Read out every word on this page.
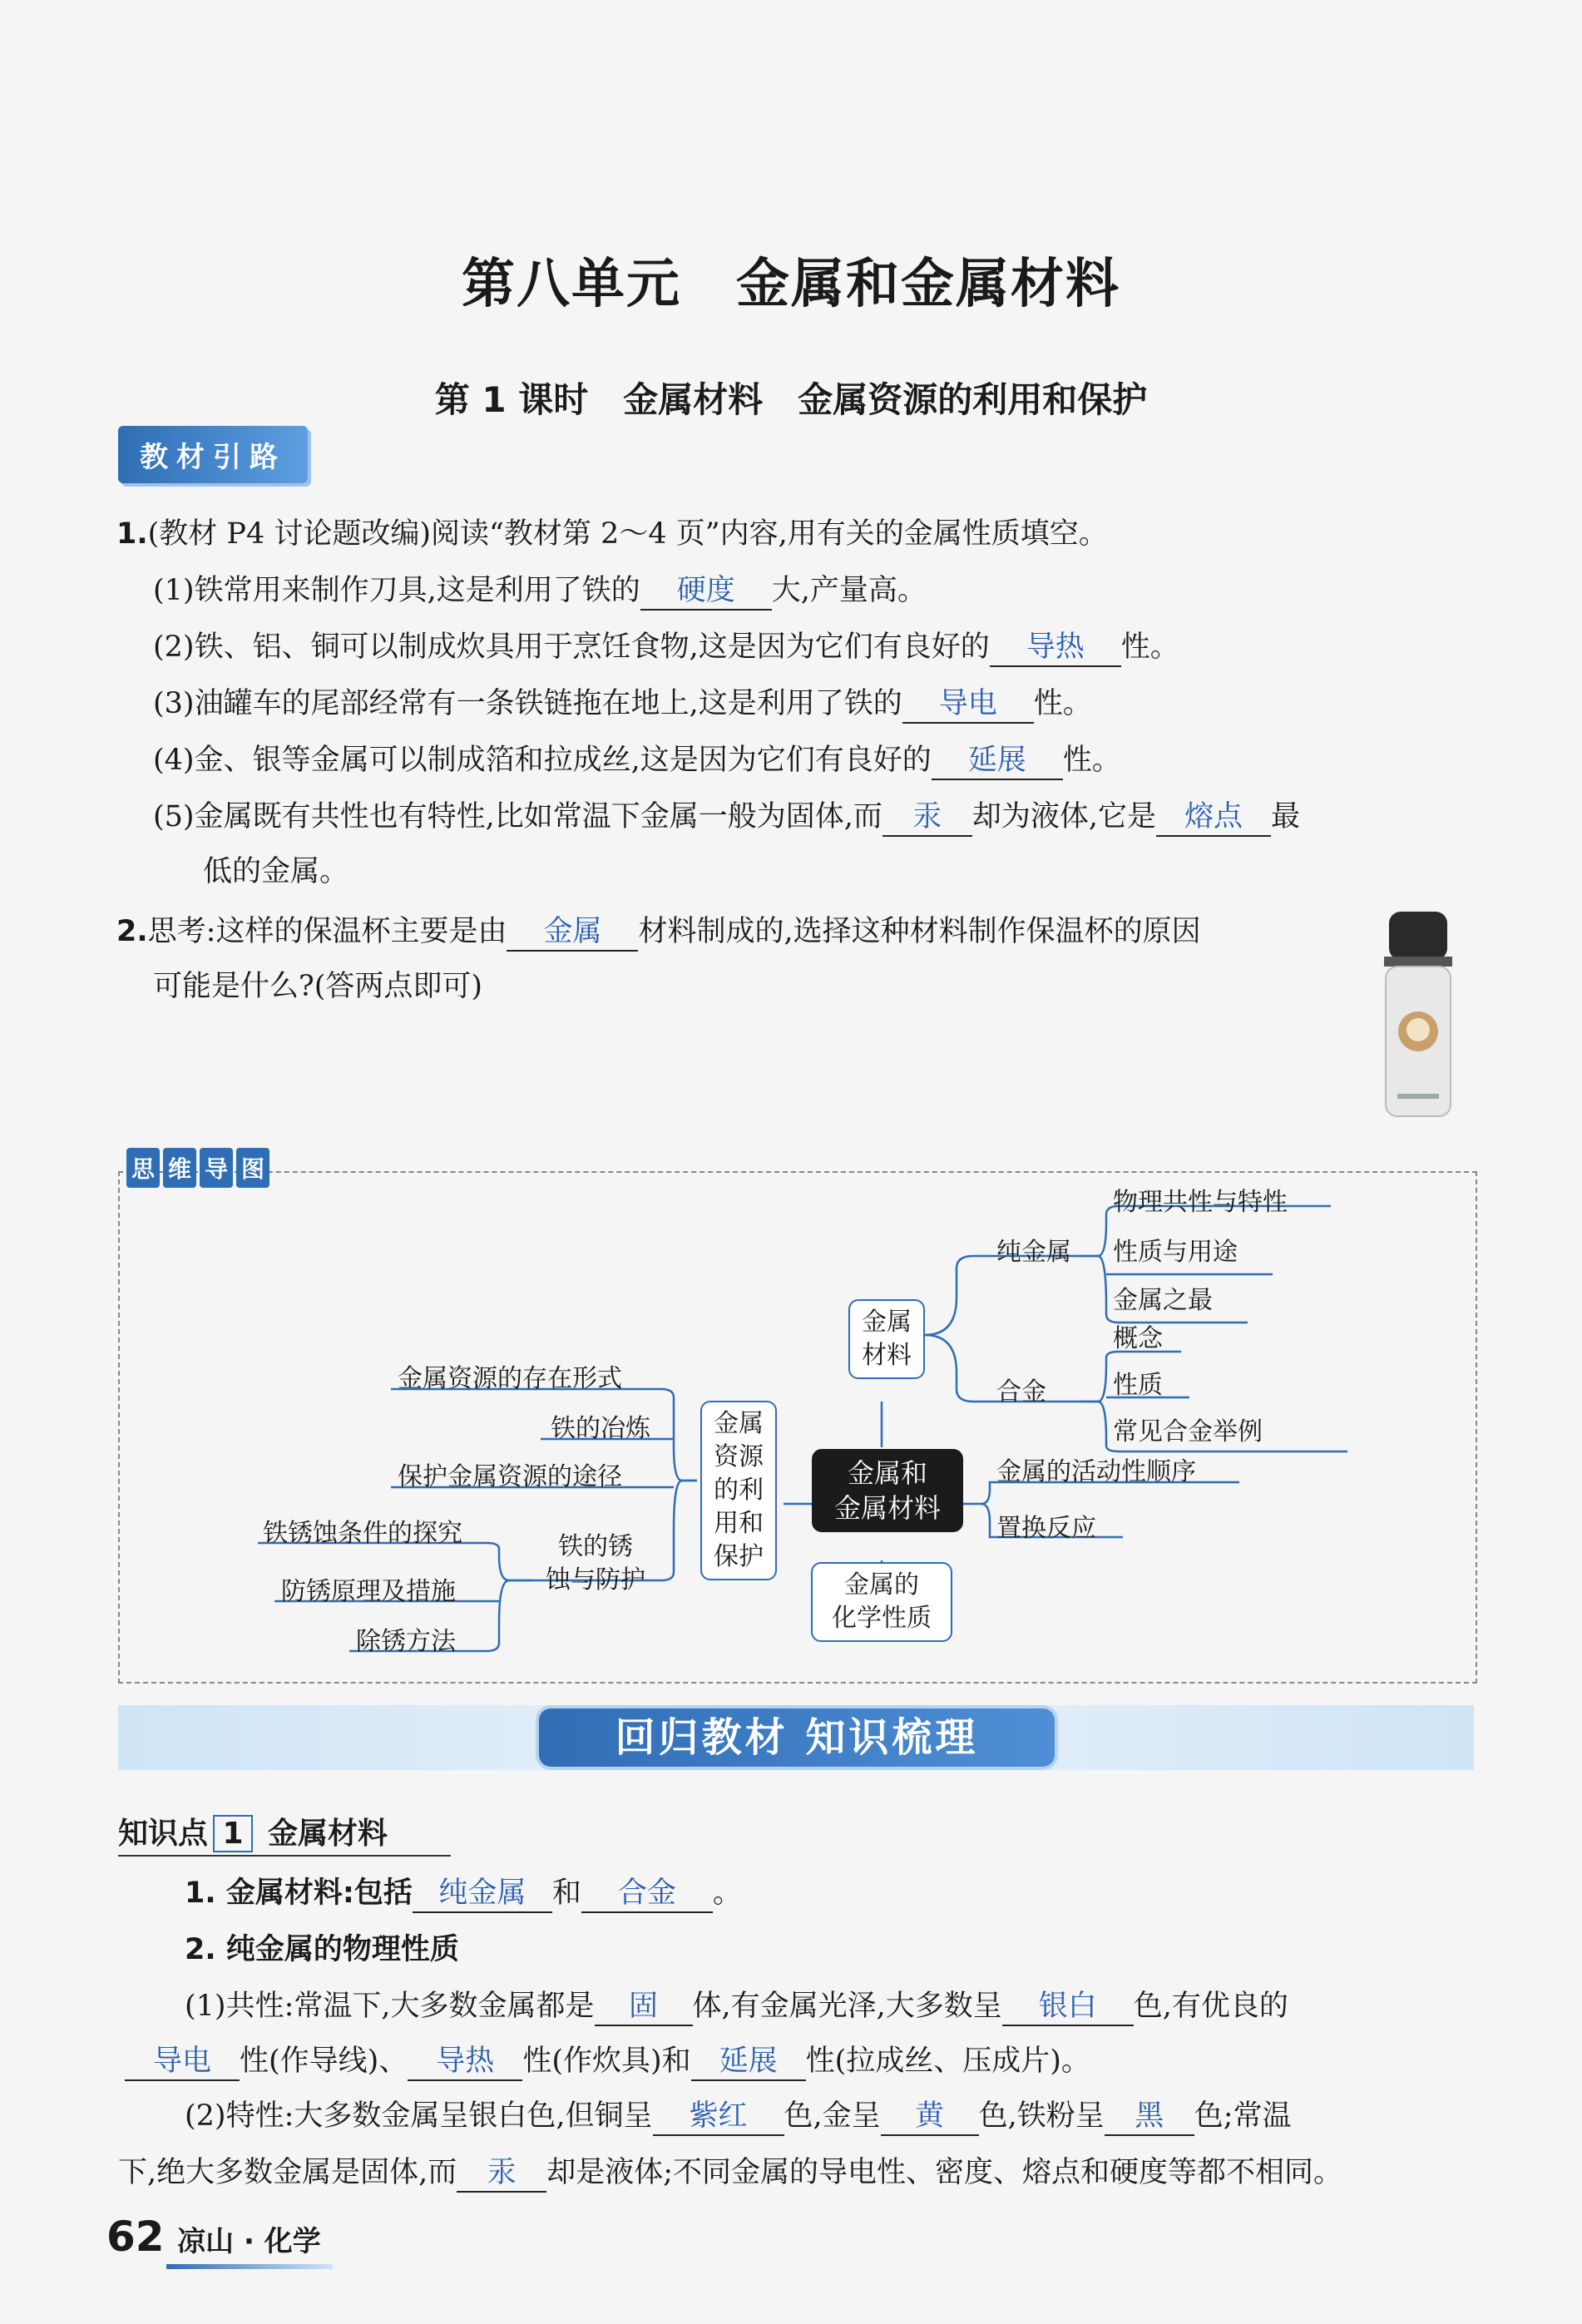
第八单元　金属和金属材料
第 1 课时　金属材料　金属资源的利用和保护
教材引路
1.(教材 P4 讨论题改编)阅读“教材第 2～4 页”内容,用有关的金属性质填空。
(1)铁常用来制作刀具,这是利用了铁的 硬度 大,产量高。
(2)铁、铝、铜可以制成炊具用于烹饪食物,这是因为它们有良好的 导热 性。
(3)油罐车的尾部经常有一条铁链拖在地上,这是利用了铁的 导电 性。
(4)金、银等金属可以制成箔和拉成丝,这是因为它们有良好的 延展 性。
(5)金属既有共性也有特性,比如常温下金属一般为固体,而 汞 却为液体,它是 熔点 最
低的金属。
2.思考:这样的保温杯主要是由 金属 材料制成的,选择这种材料制作保温杯的原因
可能是什么?(答两点即可)
思 维 导 图
金属
材料
纯金属
物理共性与特性
性质与用途
金属之最
合金
概念
性质
常见合金举例
金属和
金属材料
金属的活动性顺序
置换反应
金属的
化学性质
金属
资源
的利
用和
保护
金属资源的存在形式
铁的冶炼
保护金属资源的途径
铁的锈
蚀与防护
铁锈蚀条件的探究
防锈原理及措施
除锈方法
回归教材 知识梳理
知识点 1 金属材料
1. 金属材料:包括 纯金属 和 合金 。
2. 纯金属的物理性质
(1)共性:常温下,大多数金属都是 固 体,有金属光泽,大多数呈 银白 色,有优良的
导电 性(作导线)、 导热 性(作炊具)和 延展 性(拉成丝、压成片)。
(2)特性:大多数金属呈银白色,但铜呈 紫红 色,金呈 黄 色,铁粉呈 黑 色;常温
下,绝大多数金属是固体,而 汞 却是液体;不同金属的导电性、密度、熔点和硬度等都不相同。
62 凉山 · 化学
